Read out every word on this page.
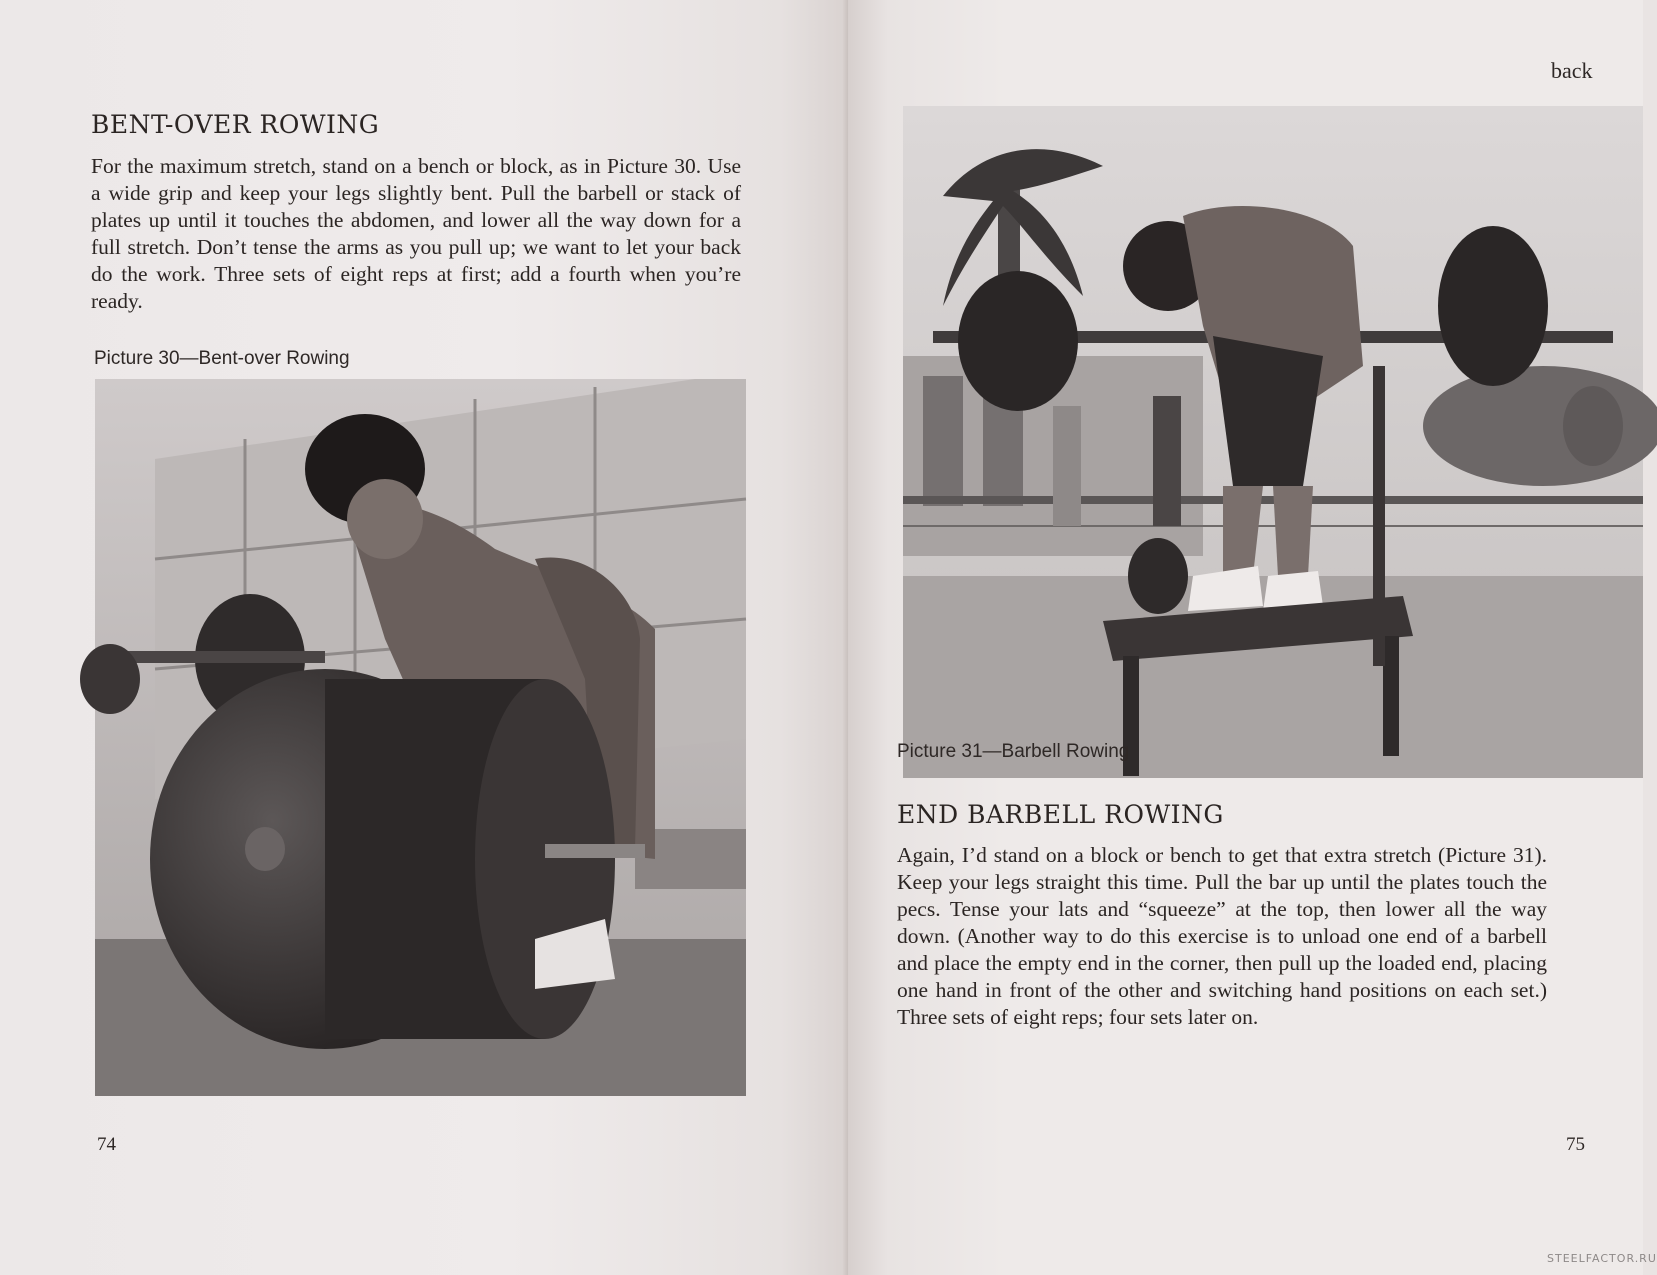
BENT-OVER ROWING

For the maximum stretch, stand on a bench or block, as in Picture 30. Use a wide grip and keep your legs slightly bent. Pull the barbell or stack of plates up until it touches the abdomen, and lower all the way down for a full stretch. Don’t tense the arms as you pull up; we want to let your back do the work. Three sets of eight reps at first; add a fourth when you’re ready.

Picture 30—Bent-over Rowing

74
back

Picture 31—Barbell Rowing

END BARBELL ROWING

Again, I’d stand on a block or bench to get that extra stretch (Picture 31). Keep your legs straight this time. Pull the bar up until the plates touch the pecs. Tense your lats and “squeeze” at the top, then lower all the way down. (Another way to do this exercise is to unload one end of a barbell and place the empty end in the corner, then pull up the loaded end, placing one hand in front of the other and switching hand positions on each set.) Three sets of eight reps; four sets later on.

75
STEELFACTOR.RU
